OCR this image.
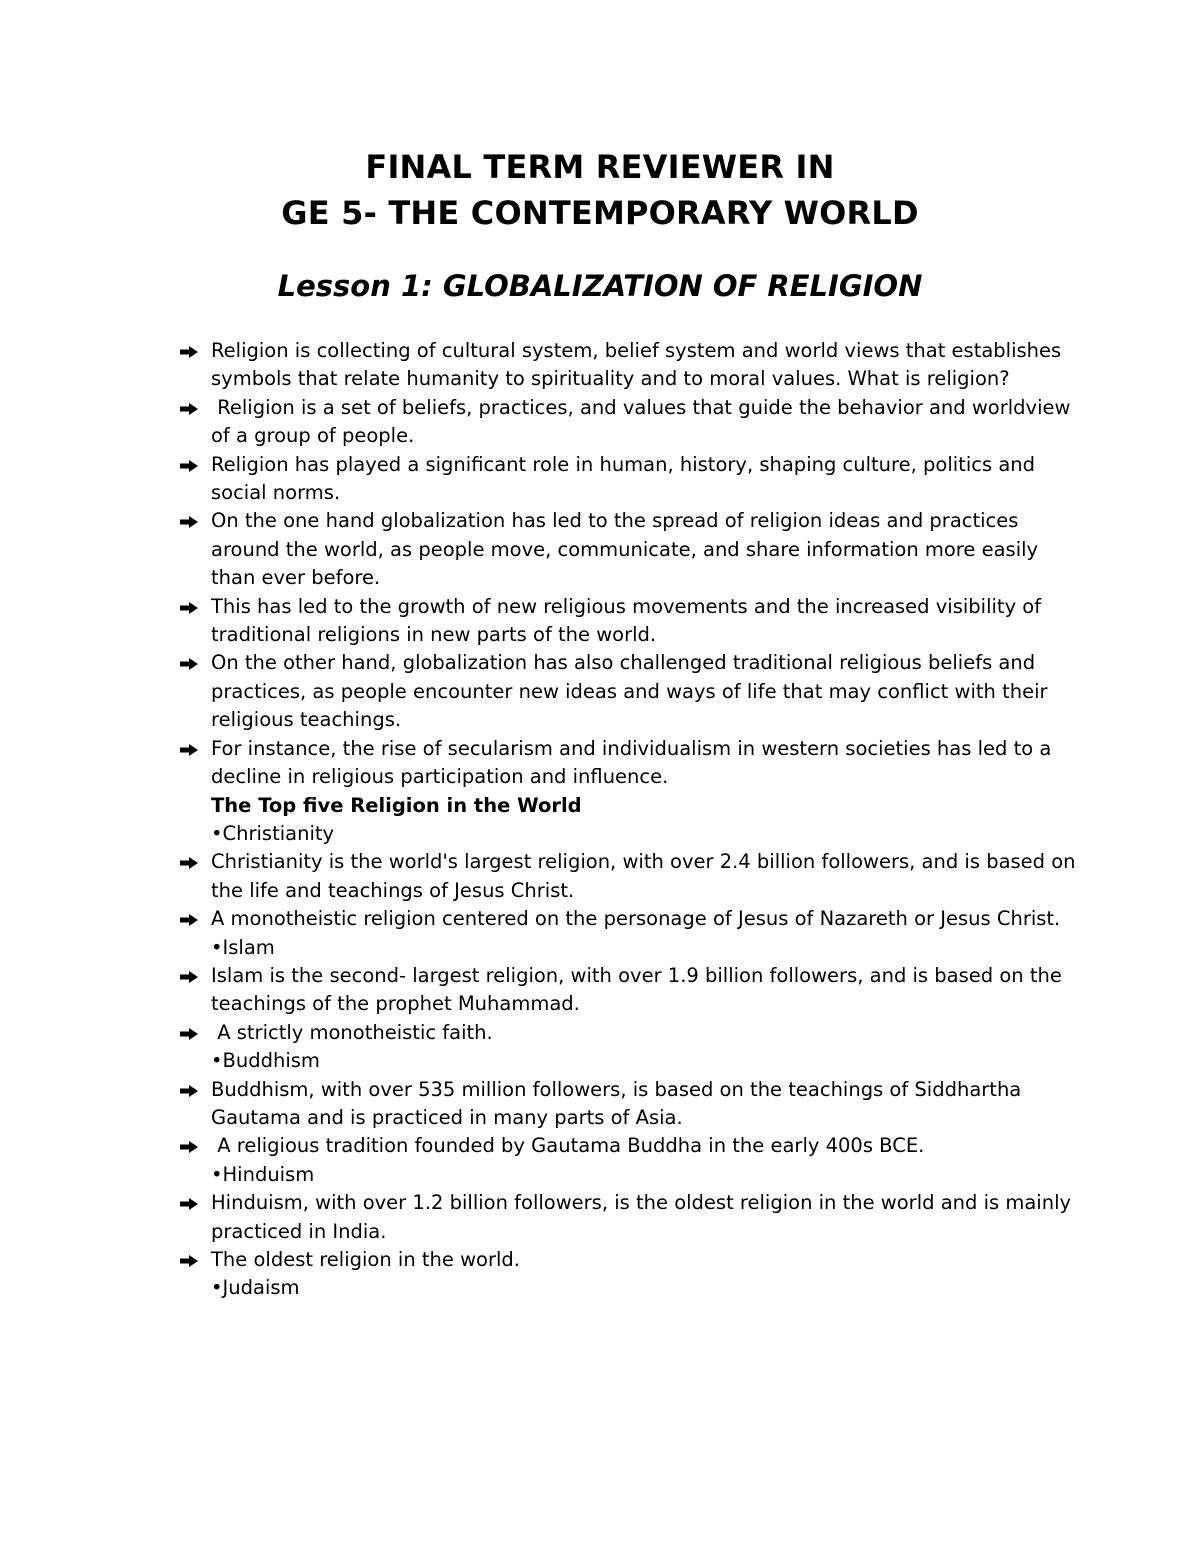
FINAL TERM REVIEWER IN
GE 5- THE CONTEMPORARY WORLD
Lesson 1: GLOBALIZATION OF RELIGION
Religion is collecting of cultural system, belief system and world views that establishes symbols that relate humanity to spirituality and to moral values. What is religion?
Religion is a set of beliefs, practices, and values that guide the behavior and worldview of a group of people.
Religion has played a significant role in human, history, shaping culture, politics and social norms.
On the one hand globalization has led to the spread of religion ideas and practices around the world, as people move, communicate, and share information more easily than ever before.
This has led to the growth of new religious movements and the increased visibility of traditional religions in new parts of the world.
On the other hand, globalization has also challenged traditional religious beliefs and practices, as people encounter new ideas and ways of life that may conflict with their religious teachings.
For instance, the rise of secularism and individualism in western societies has led to a decline in religious participation and influence.
The Top five Religion in the World
•Christianity
Christianity is the world's largest religion, with over 2.4 billion followers, and is based on the life and teachings of Jesus Christ.
A monotheistic religion centered on the personage of Jesus of Nazareth or Jesus Christ.
•Islam
Islam is the second- largest religion, with over 1.9 billion followers, and is based on the teachings of the prophet Muhammad.
A strictly monotheistic faith.
•Buddhism
Buddhism, with over 535 million followers, is based on the teachings of Siddhartha Gautama and is practiced in many parts of Asia.
A religious tradition founded by Gautama Buddha in the early 400s BCE.
•Hinduism
Hinduism, with over 1.2 billion followers, is the oldest religion in the world and is mainly practiced in India.
The oldest religion in the world.
•Judaism
